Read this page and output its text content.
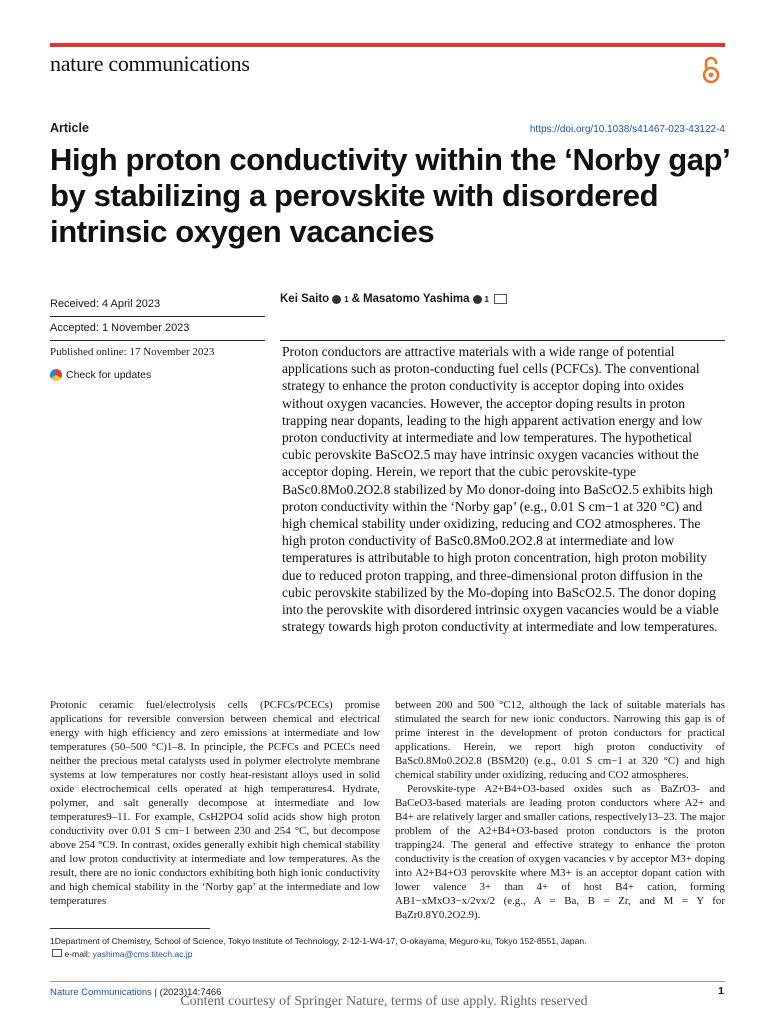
nature communications
Article	https://doi.org/10.1038/s41467-023-43122-4
High proton conductivity within the ‘Norby gap’ by stabilizing a perovskite with disordered intrinsic oxygen vacancies
Received: 4 April 2023
Accepted: 1 November 2023
Published online: 17 November 2023
Check for updates
Kei Saito 1 & Masatomo Yashima 1

Proton conductors are attractive materials with a wide range of potential applications such as proton-conducting fuel cells (PCFCs). The conventional strategy to enhance the proton conductivity is acceptor doping into oxides without oxygen vacancies. However, the acceptor doping results in proton trapping near dopants, leading to the high apparent activation energy and low proton conductivity at intermediate and low temperatures. The hypothetical cubic perovskite BaScO2.5 may have intrinsic oxygen vacancies without the acceptor doping. Herein, we report that the cubic perovskite-type BaSc0.8Mo0.2O2.8 stabilized by Mo donor-doing into BaScO2.5 exhibits high proton conductivity within the ‘Norby gap’ (e.g., 0.01 S cm−1 at 320 °C) and high chemical stability under oxidizing, reducing and CO2 atmospheres. The high proton conductivity of BaSc0.8Mo0.2O2.8 at intermediate and low temperatures is attributable to high proton concentration, high proton mobility due to reduced proton trapping, and three-dimensional proton diffusion in the cubic perovskite stabilized by the Mo-doping into BaScO2.5. The donor doping into the perovskite with disordered intrinsic oxygen vacancies would be a viable strategy towards high proton conductivity at intermediate and low temperatures.

Protonic ceramic fuel/electrolysis cells (PCFCs/PCECs) promise applications for reversible conversion between chemical and electrical energy with high efficiency and zero emissions at intermediate and low temperatures (50–500 °C)1–8. In principle, the PCFCs and PCECs need neither the precious metal catalysts used in polymer electrolyte membrane systems at low temperatures nor costly heat-resistant alloys used in solid oxide electrochemical cells operated at high temperatures4. Hydrate, polymer, and salt generally decompose at intermediate and low temperatures9–11. For example, CsH2PO4 solid acids show high proton conductivity over 0.01 S cm−1 between 230 and 254 °C, but decompose above 254 °C9. In contrast, oxides generally exhibit high chemical stability and low proton conductivity at intermediate and low temperatures. As the result, there are no ionic conductors exhibiting both high ionic conductivity and high chemical stability in the ‘Norby gap’ at the intermediate and low temperatures

between 200 and 500 °C12, although the lack of suitable materials has stimulated the search for new ionic conductors. Narrowing this gap is of prime interest in the development of proton conductors for practical applications. Herein, we report high proton conductivity of BaSc0.8Mo0.2O2.8 (BSM20) (e.g., 0.01 S cm−1 at 320 °C) and high chemical stability under oxidizing, reducing and CO2 atmospheres.
Perovskite-type A2+B4+O3-based oxides such as BaZrO3- and BaCeO3-based materials are leading proton conductors where A2+ and B4+ are relatively larger and smaller cations, respectively13–23. The major problem of the A2+B4+O3-based proton conductors is the proton trapping24. The general and effective strategy to enhance the proton conductivity is the creation of oxygen vacancies v by acceptor M3+ doping into A2+B4+O3 perovskite where M3+ is an acceptor dopant cation with lower valence 3+ than 4+ of host B4+ cation, forming AB1−xMxO3−x/2vx/2 (e.g., A = Ba, B = Zr, and M = Y for BaZr0.8Y0.2O2.9).
1Department of Chemistry, School of Science, Tokyo Institute of Technology, 2-12-1-W4-17, O-okayama, Meguro-ku, Tokyo 152-8551, Japan.
e-mail: yashima@cms.titech.ac.jp
Nature Communications | (2023)14:7466	1
Content courtesy of Springer Nature, terms of use apply. Rights reserved
